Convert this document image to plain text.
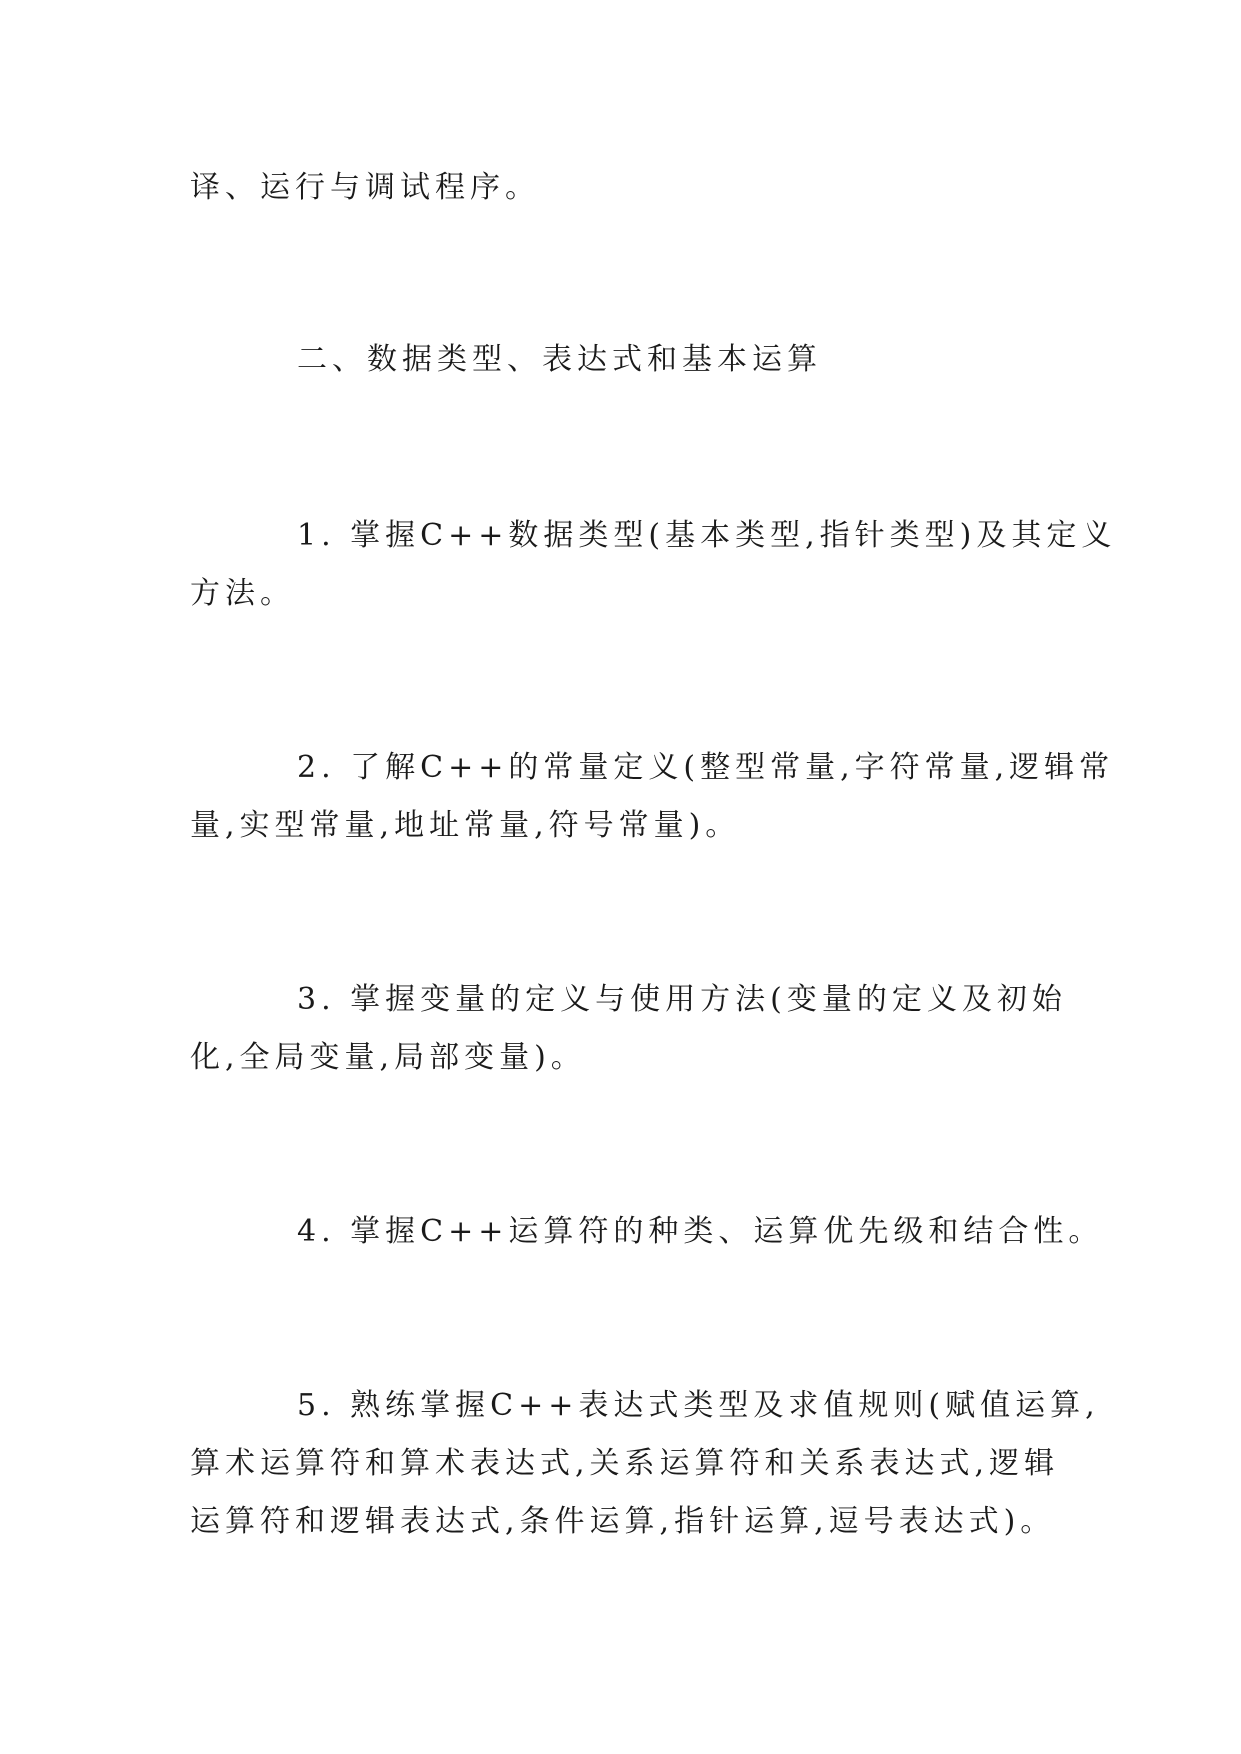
译、运行与调试程序。
二、数据类型、表达式和基本运算
1. 掌握C++数据类型(基本类型,指针类型)及其定义
方法。
2. 了解C++的常量定义(整型常量,字符常量,逻辑常
量,实型常量,地址常量,符号常量)。
3. 掌握变量的定义与使用方法(变量的定义及初始
化,全局变量,局部变量)。
4. 掌握C++运算符的种类、运算优先级和结合性。
5. 熟练掌握C++表达式类型及求值规则(赋值运算,
算术运算符和算术表达式,关系运算符和关系表达式,逻辑
运算符和逻辑表达式,条件运算,指针运算,逗号表达式)。
